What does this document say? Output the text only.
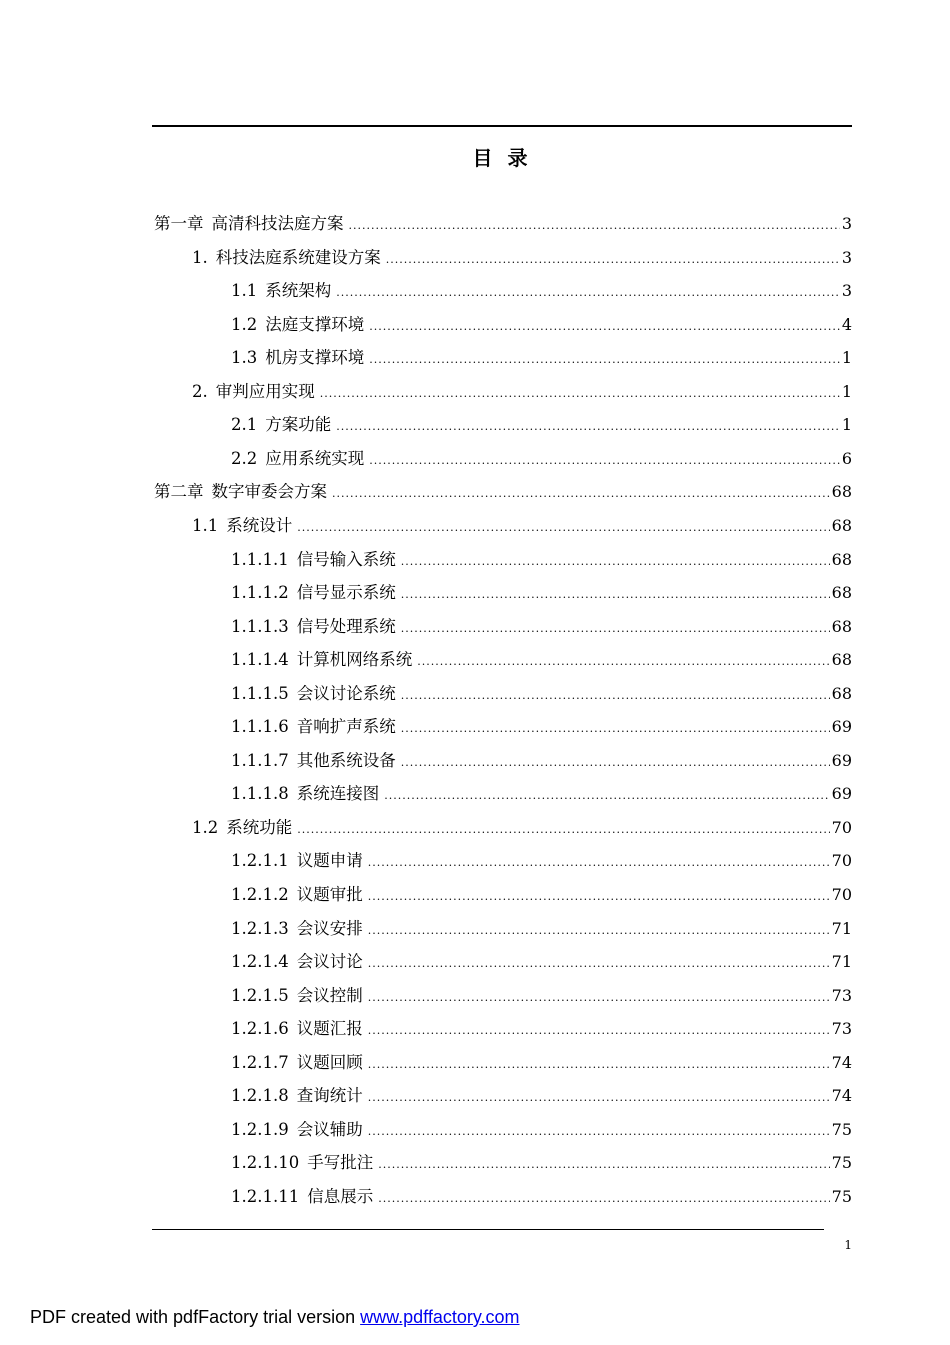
目 录
第一章 高清科技法庭方案 .....	3
1. 科技法庭系统建设方案 .....	3
1.1 系统架构 .....	3
1.2 法庭支撑环境 .....	4
1.3 机房支撑环境 .....	1
2. 审判应用实现 .....	1
2.1 方案功能 .....	1
2.2 应用系统实现 .....	6
第二章 数字审委会方案 .....	68
1.1 系统设计 .....	68
1.1.1.1 信号输入系统 .....	68
1.1.1.2 信号显示系统 .....	68
1.1.1.3 信号处理系统 .....	68
1.1.1.4 计算机网络系统 .....	68
1.1.1.5 会议讨论系统 .....	68
1.1.1.6 音响扩声系统 .....	69
1.1.1.7 其他系统设备 .....	69
1.1.1.8 系统连接图 .....	69
1.2 系统功能 .....	70
1.2.1.1 议题申请 .....	70
1.2.1.2 议题审批 .....	70
1.2.1.3 会议安排 .....	71
1.2.1.4 会议讨论 .....	71
1.2.1.5 会议控制 .....	73
1.2.1.6 议题汇报 .....	73
1.2.1.7 议题回顾 .....	74
1.2.1.8 查询统计 .....	74
1.2.1.9 会议辅助 .....	75
1.2.1.10 手写批注 .....	75
1.2.1.11 信息展示 .....	75
1
PDF created with pdfFactory trial version www.pdffactory.com
